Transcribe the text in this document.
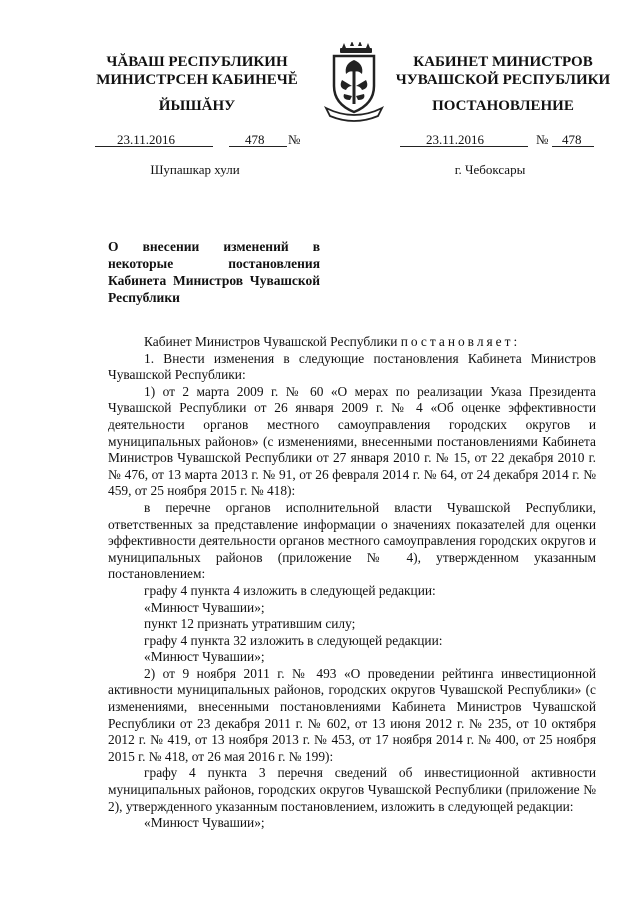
ЧĂВАШ РЕСПУБЛИКИН
МИНИСТРСЕН КАБИНЕЧĔ
ЙЫШĂНУ
КАБИНЕТ МИНИСТРОВ
ЧУВАШСКОЙ РЕСПУБЛИКИ
ПОСТАНОВЛЕНИЕ
23.11.2016	478 №	23.11.2016	№ 478
Шупашкар хули	г. Чебоксары
О внесении изменений в некоторые постановления Кабинета Министров Чувашской Республики

Кабинет Министров Чувашской Республики постановляет:

1. Внести изменения в следующие постановления Кабинета Министров Чувашской Республики:

1) от 2 марта 2009 г. № 60 «О мерах по реализации Указа Президента Чувашской Республики от 26 января 2009 г. № 4 «Об оценке эффективности деятельности органов местного самоуправления городских округов и муниципальных районов» (с изменениями, внесенными постановлениями Кабинета Министров Чувашской Республики от 27 января 2010 г. № 15, от 22 декабря 2010 г. № 476, от 13 марта 2013 г. № 91, от 26 февраля 2014 г. № 64, от 24 декабря 2014 г. № 459, от 25 ноября 2015 г. № 418):

в перечне органов исполнительной власти Чувашской Республики, ответственных за представление информации о значениях показателей для оценки эффективности деятельности органов местного самоуправления городских округов и муниципальных районов (приложение № 4), утвержденном указанным постановлением:

графу 4 пункта 4 изложить в следующей редакции:

«Минюст Чувашии»;

пункт 12 признать утратившим силу;

графу 4 пункта 32 изложить в следующей редакции:

«Минюст Чувашии»;

2) от 9 ноября 2011 г. № 493 «О проведении рейтинга инвестиционной активности муниципальных районов, городских округов Чувашской Республики» (с изменениями, внесенными постановлениями Кабинета Министров Чувашской Республики от 23 декабря 2011 г. № 602, от 13 июня 2012 г. № 235, от 10 октября 2012 г. № 419, от 13 ноября 2013 г. № 453, от 17 ноября 2014 г. № 400, от 25 ноября 2015 г. № 418, от 26 мая 2016 г. № 199):

графу 4 пункта 3 перечня сведений об инвестиционной активности муниципальных районов, городских округов Чувашской Республики (приложение № 2), утвержденного указанным постановлением, изложить в следующей редакции:

«Минюст Чувашии»;
